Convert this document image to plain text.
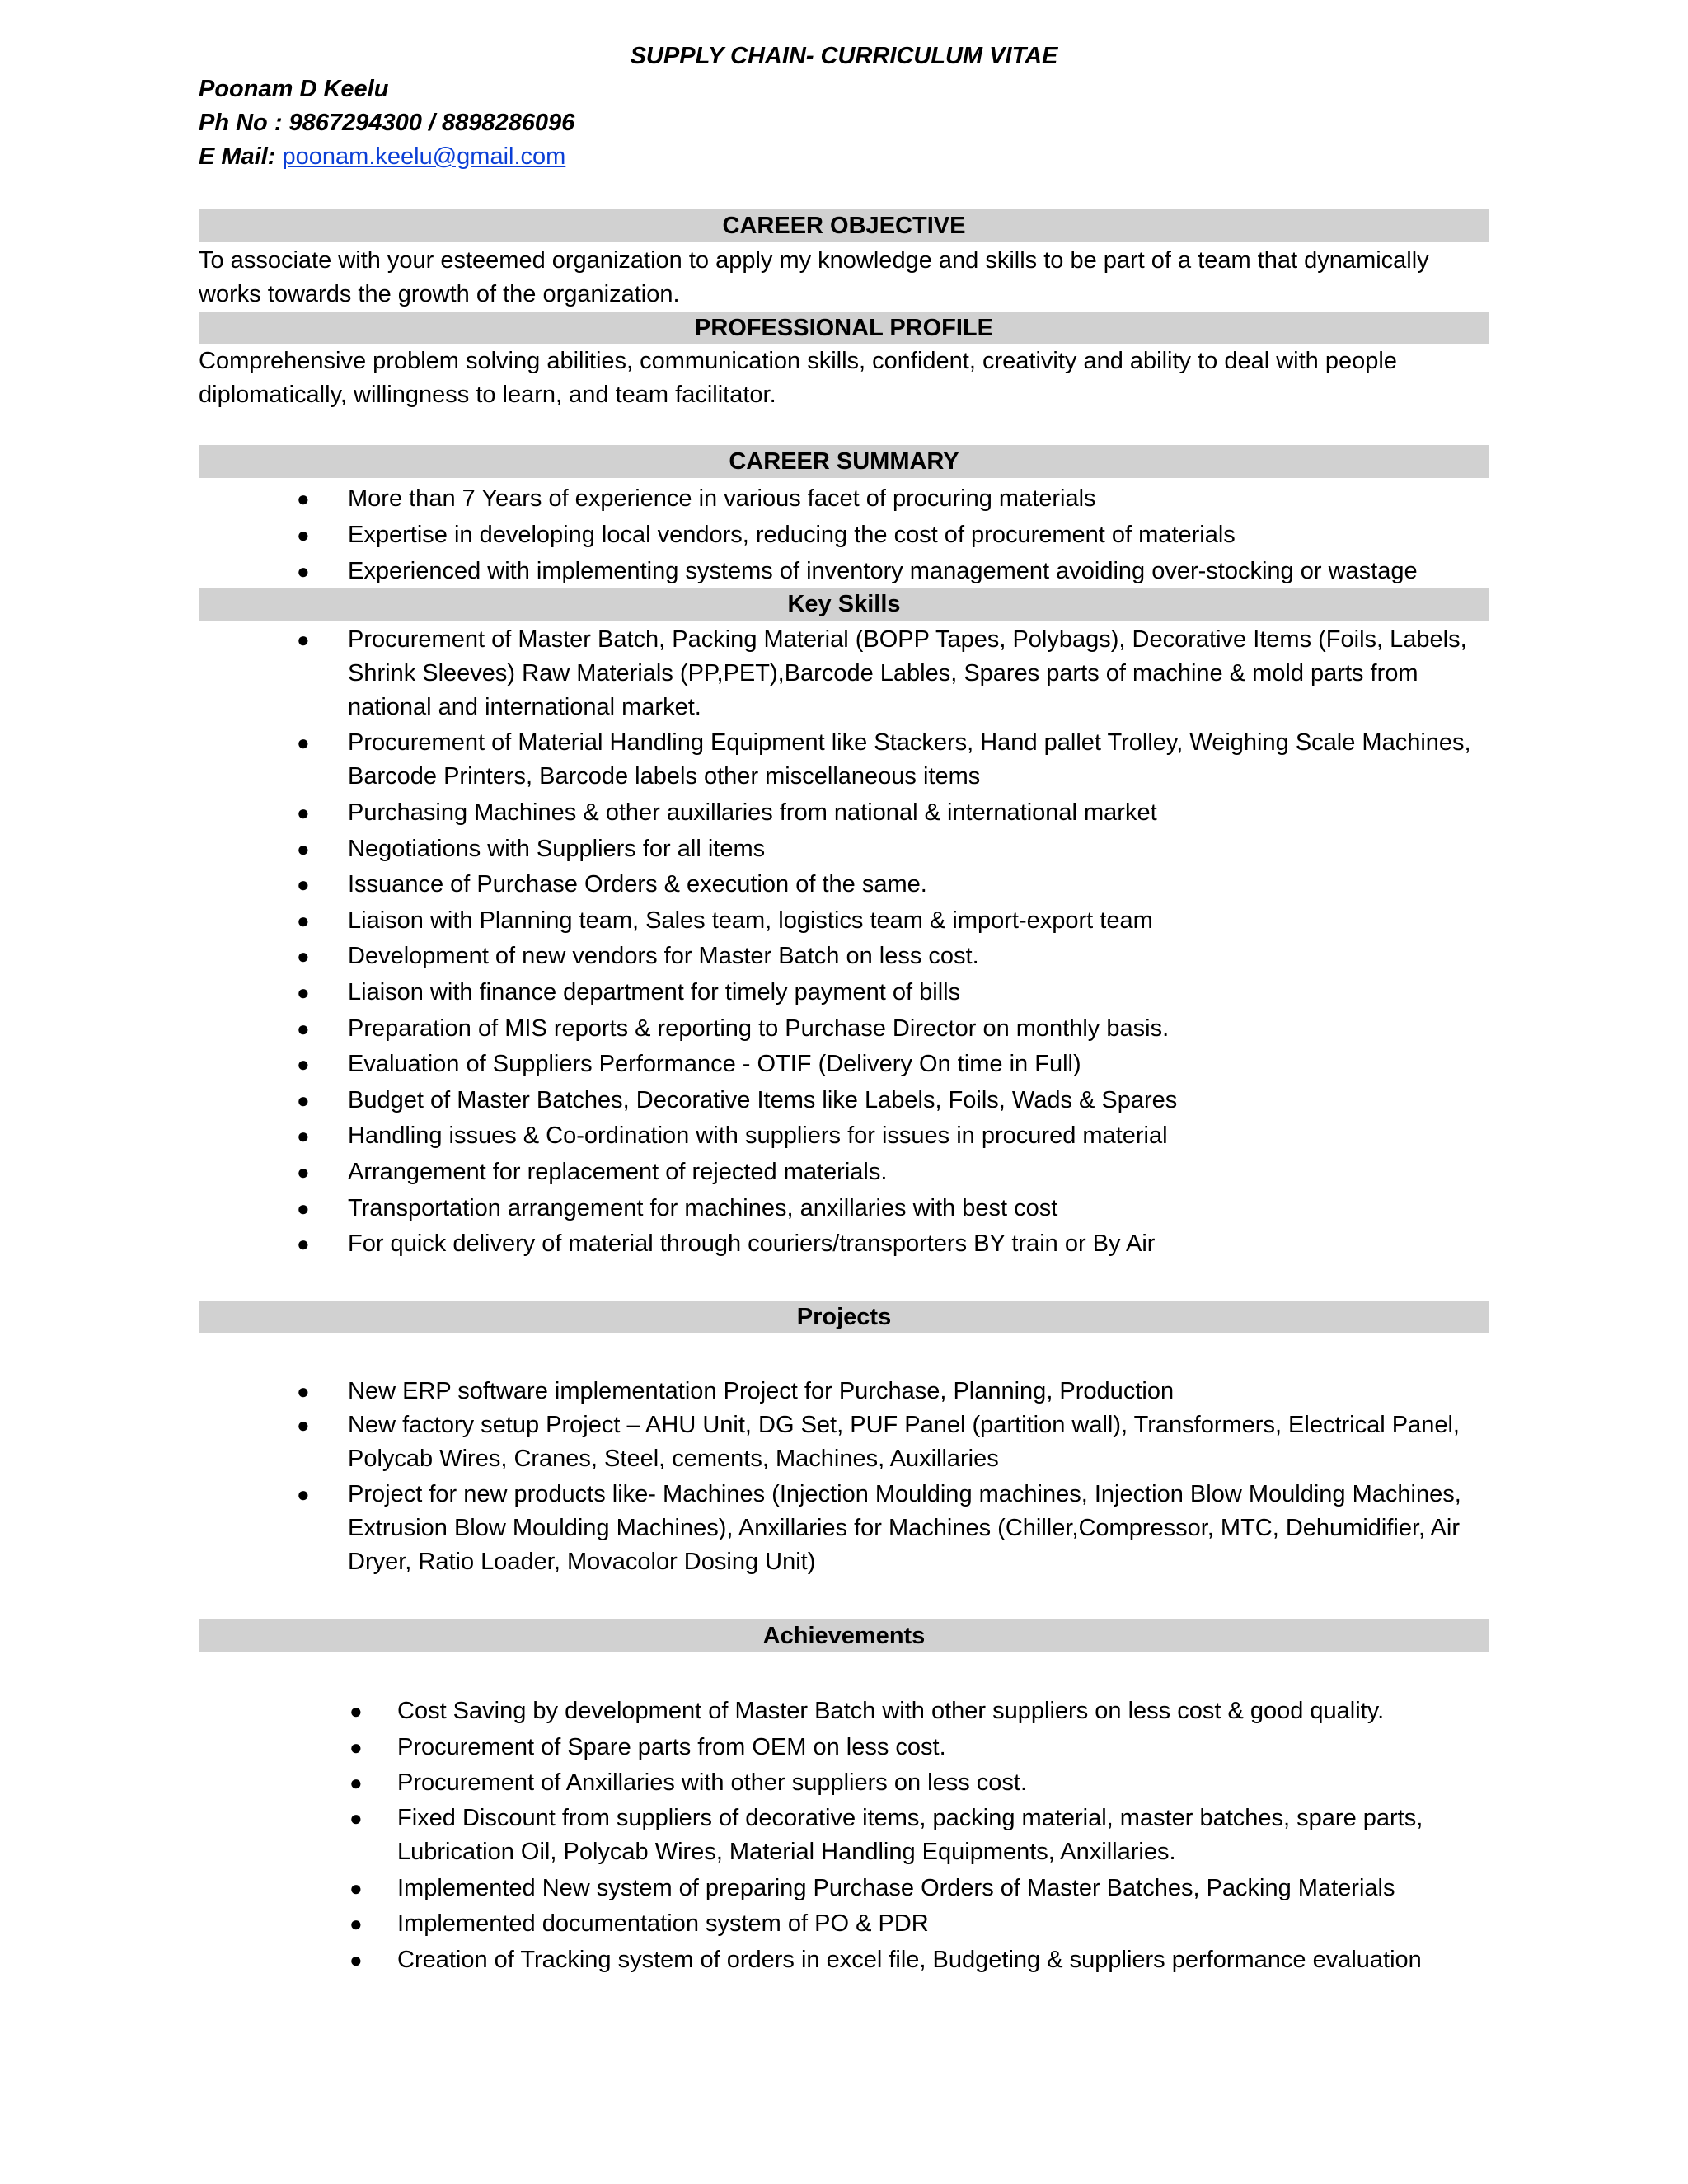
SUPPLY CHAIN- CURRICULUM VITAE
Poonam D Keelu
Ph No : 9867294300 / 8898286096
E Mail: poonam.keelu@gmail.com
CAREER OBJECTIVE
To associate with your esteemed organization to apply my knowledge and skills to be part of a team that dynamically works towards the growth of the organization.
PROFESSIONAL PROFILE
Comprehensive problem solving abilities, communication skills, confident, creativity and ability to deal with people diplomatically, willingness to learn, and team facilitator.
CAREER SUMMARY
● More than 7 Years of experience in various facet of procuring materials
● Expertise in developing local vendors, reducing the cost of procurement of materials
● Experienced with implementing systems of inventory management avoiding over-stocking or wastage
Key Skills
● Procurement of Master Batch, Packing Material (BOPP Tapes, Polybags), Decorative Items (Foils, Labels, Shrink Sleeves) Raw Materials (PP,PET),Barcode Lables, Spares parts of machine & mold parts from national and international market.
● Procurement of Material Handling Equipment like Stackers, Hand pallet Trolley, Weighing Scale Machines, Barcode Printers, Barcode labels other miscellaneous items
● Purchasing Machines & other auxillaries from national & international market
● Negotiations with Suppliers for all items
● Issuance of Purchase Orders & execution of the same.
● Liaison with Planning team, Sales team, logistics team & import-export team
● Development of new vendors for Master Batch on less cost.
● Liaison with finance department for timely payment of bills
● Preparation of MIS reports & reporting to Purchase Director on monthly basis.
● Evaluation of Suppliers Performance - OTIF (Delivery On time in Full)
● Budget of Master Batches, Decorative Items like Labels, Foils, Wads & Spares
● Handling issues & Co-ordination with suppliers for issues in procured material
● Arrangement for replacement of rejected materials.
● Transportation arrangement for machines, anxillaries with best cost
● For quick delivery of material through couriers/transporters BY train or By Air
Projects
● New ERP software implementation Project for Purchase, Planning, Production
● New factory setup Project – AHU Unit, DG Set, PUF Panel (partition wall), Transformers, Electrical Panel, Polycab Wires, Cranes, Steel, cements, Machines, Auxillaries
● Project for new products like- Machines (Injection Moulding machines, Injection Blow Moulding Machines, Extrusion Blow Moulding Machines), Anxillaries for Machines (Chiller,Compressor, MTC, Dehumidifier, Air Dryer, Ratio Loader, Movacolor Dosing Unit)
Achievements
● Cost Saving by development of Master Batch with other suppliers on less cost & good quality.
● Procurement of Spare parts from OEM on less cost.
● Procurement of Anxillaries with other suppliers on less cost.
● Fixed Discount from suppliers of decorative items, packing material, master batches, spare parts, Lubrication Oil, Polycab Wires, Material Handling Equipments, Anxillaries.
● Implemented New system of preparing Purchase Orders of Master Batches, Packing Materials
● Implemented documentation system of PO & PDR
● Creation of Tracking system of orders in excel file, Budgeting & suppliers performance evaluation
